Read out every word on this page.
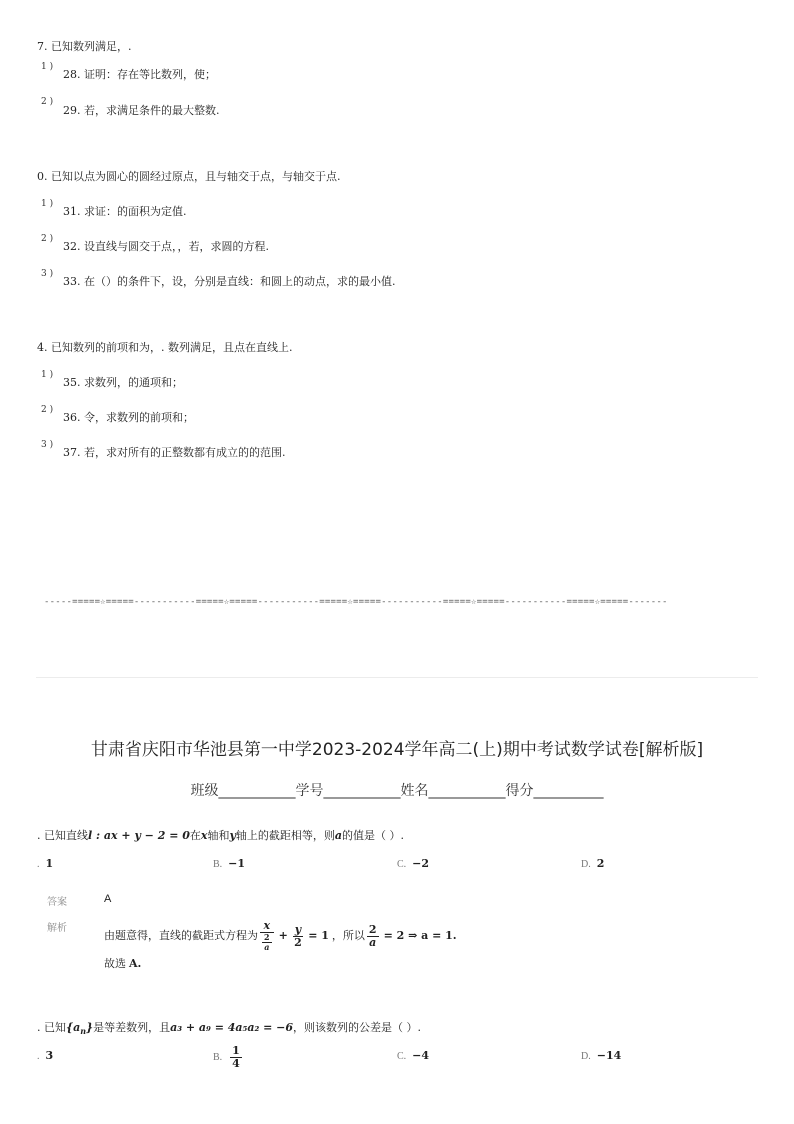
7. 已知数列满足，.
1 )
28. 证明：存在等比数列，使；
2 )
29. 若，求满足条件的最大整数.
0. 已知以点为圆心的圆经过原点，且与轴交于点，与轴交于点.
1 )
31. 求证：的面积为定值.
2 )
32. 设直线与圆交于点，，若，求圆的方程.
3 )
33. 在（）的条件下，设，分别是直线：和圆上的动点，求的最小值.
4. 已知数列的前项和为，. 数列满足，且点在直线上.
1 )
35. 求数列，的通项和；
2 )
36. 令，求数列的前项和；
3 )
37. 若，求对所有的正整数都有成立的的范围.
-----=====☆=====-----------=====☆=====-----------=====☆=====-----------=====☆=====-----------=====☆=====-------
甘肃省庆阳市华池县第一中学2023-2024学年高二(上)期中考试数学试卷[解析版]
班级___________学号___________姓名___________得分__________
. 已知直线l : ax + y − 2 = 0在x轴和y轴上的截距相等，则a的值是（ ）.
. 1	B. −1	C. −2	D. 2
答案	A
解析
由题意得，直线的截距式方程为 $\frac{x}{\frac{2}{a}} + \frac{y}{2} = 1$ ，所以 $\frac{2}{a} = 2$ ⇒ a = 1.
故选 A.
. 已知$\{a_n\}$是等差数列，且a₃ + a₉ = 4a₅a₂ = −6，则该数列的公差是（ ）.
. 3	B. $\frac{1}{4}$	C. −4	D. −14
